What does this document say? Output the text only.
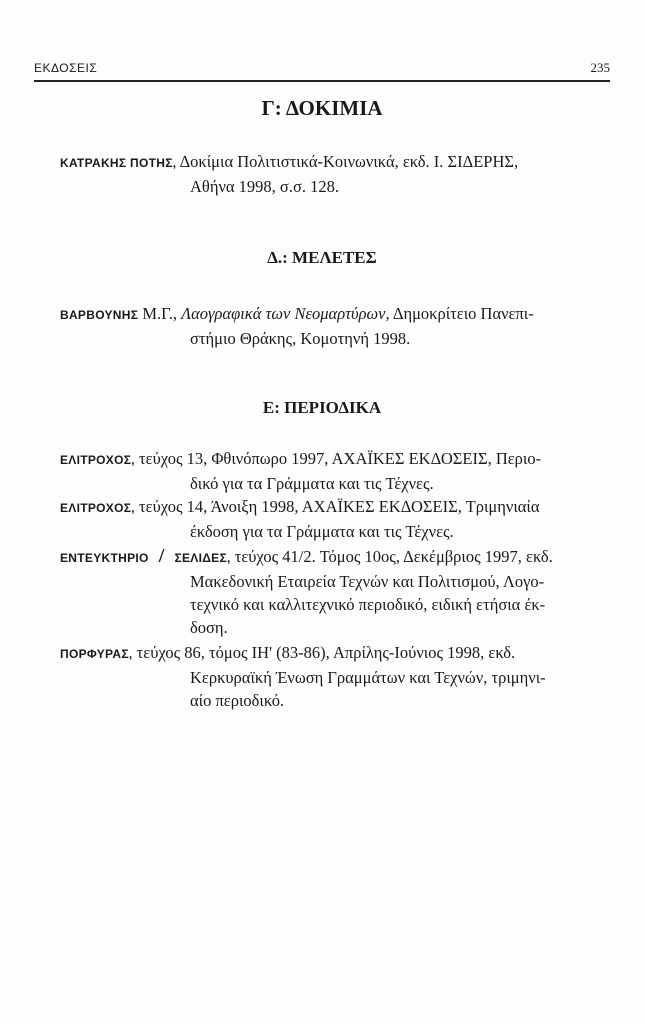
ΕΚΔΟΣΕΙΣ	235
Γ: ΔΟΚΙΜΙΑ
ΚΑΤΡΑΚΗΣ ΠΟΤΗΣ, Δοκίμια Πολιτιστικά-Κοινωνικά, εκδ. Ι. ΣΙΔΕΡΗΣ,
Αθήνα 1998, σ.σ. 128.
Δ.: ΜΕΛΕΤΕΣ
ΒΑΡΒΟΥΝΗΣ Μ.Γ., Λαογραφικά των Νεομαρτύρων, Δημοκρίτειο Πανεπι-
στήμιο Θράκης, Κομοτηνή 1998.
Ε: ΠΕΡΙΟΔΙΚΑ
ΕΛΙΤΡΟΧΟΣ, τεύχος 13, Φθινόπωρο 1997, ΑΧΑΪΚΕΣ ΕΚΔΟΣΕΙΣ, Περιο-
δικό για τα Γράμματα και τις Τέχνες.
ΕΛΙΤΡΟΧΟΣ, τεύχος 14, Άνοιξη 1998, ΑΧΑΪΚΕΣ ΕΚΔΟΣΕΙΣ, Τριμηνιαία
έκδοση για τα Γράμματα και τις Τέχνες.
ΕΝΤΕΥΚΤΗΡΙΟ / ΣΕΛΙΔΕΣ, τεύχος 41/2. Τόμος 10ος, Δεκέμβριος 1997, εκδ.
Μακεδονική Εταιρεία Τεχνών και Πολιτισμού, Λογο-
τεχνικό και καλλιτεχνικό περιοδικό, ειδική ετήσια έκ-
δοση.
ΠΟΡΦΥΡΑΣ, τεύχος 86, τόμος ΙΗ' (83-86), Απρίλης-Ιούνιος 1998, εκδ.
Κερκυραϊκή Ένωση Γραμμάτων και Τεχνών, τριμηνι-
αίο περιοδικό.
